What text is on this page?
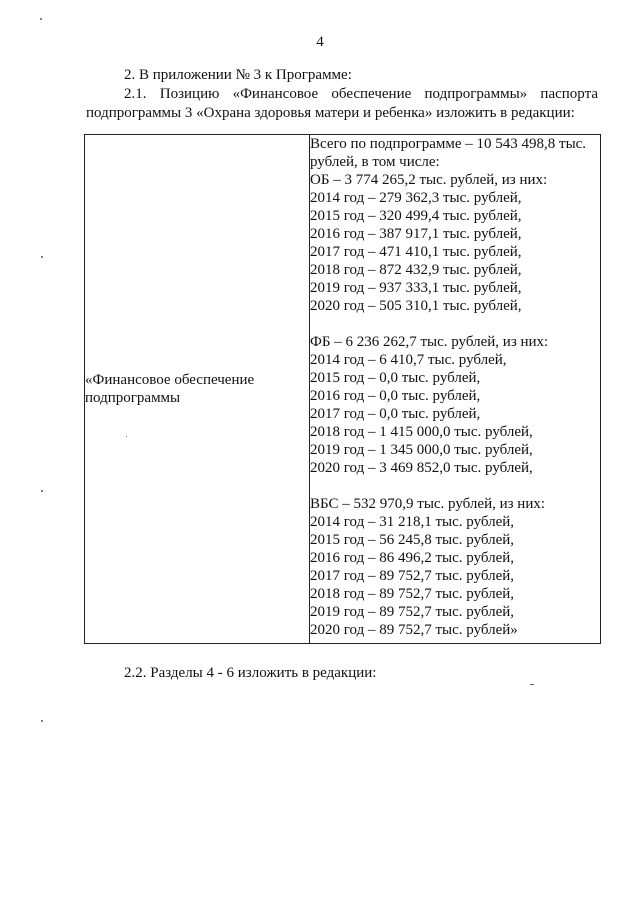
4
2. В приложении № 3 к Программе:
2.1. Позицию «Финансовое обеспечение подпрограммы» паспорта
подпрограммы 3 «Охрана здоровья матери и ребенка» изложить в редакции:
«Финансовое обеспечение подпрограммы

Всего по подпрограмме – 10 543 498,8 тыс. рублей, в том числе:
ОБ – 3 774 265,2 тыс. рублей, из них:
2014 год – 279 362,3 тыс. рублей,
2015 год – 320 499,4 тыс. рублей,
2016 год – 387 917,1 тыс. рублей,
2017 год – 471 410,1 тыс. рублей,
2018 год – 872 432,9 тыс. рублей,
2019 год – 937 333,1 тыс. рублей,
2020 год – 505 310,1 тыс. рублей,
ФБ – 6 236 262,7 тыс. рублей, из них:
2014 год – 6 410,7 тыс. рублей,
2015 год – 0,0 тыс. рублей,
2016 год – 0,0 тыс. рублей,
2017 год – 0,0 тыс. рублей,
2018 год – 1 415 000,0 тыс. рублей,
2019 год – 1 345 000,0 тыс. рублей,
2020 год – 3 469 852,0 тыс. рублей,
ВБС – 532 970,9 тыс. рублей, из них:
2014 год – 31 218,1 тыс. рублей,
2015 год – 56 245,8 тыс. рублей,
2016 год – 86 496,2 тыс. рублей,
2017 год – 89 752,7 тыс. рублей,
2018 год – 89 752,7 тыс. рублей,
2019 год – 89 752,7 тыс. рублей,
2020 год – 89 752,7 тыс. рублей»
2.2. Разделы 4 - 6 изложить в редакции:
